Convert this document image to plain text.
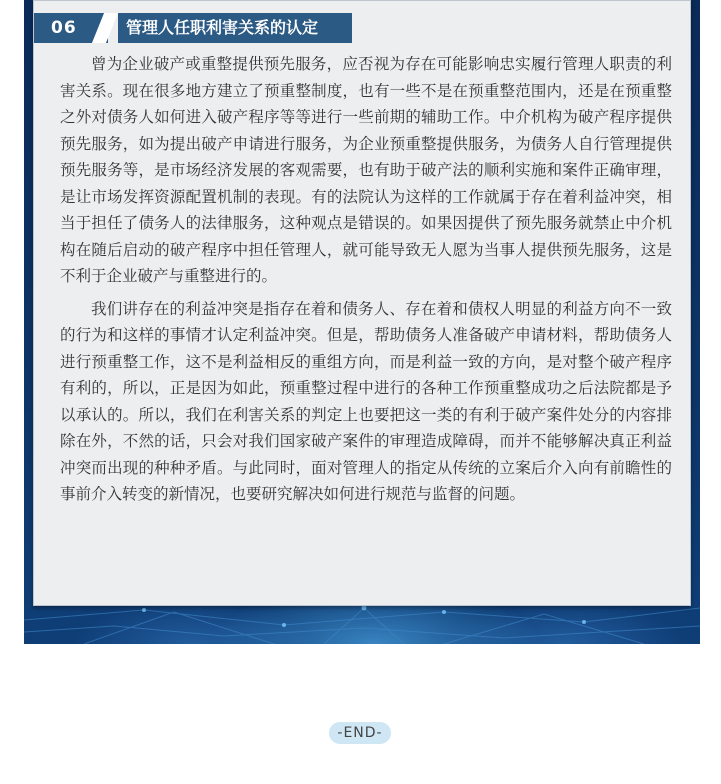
06	管理人任职利害关系的认定

曾为企业破产或重整提供预先服务，应否视为存在可能影响忠实履行管理人职责的利害关系。现在很多地方建立了预重整制度，也有一些不是在预重整范围内，还是在预重整之外对债务人如何进入破产程序等等进行一些前期的辅助工作。中介机构为破产程序提供预先服务，如为提出破产申请进行服务，为企业预重整提供服务，为债务人自行管理提供预先服务等，是市场经济发展的客观需要，也有助于破产法的顺利实施和案件正确审理，是让市场发挥资源配置机制的表现。有的法院认为这样的工作就属于存在着利益冲突，相当于担任了债务人的法律服务，这种观点是错误的。如果因提供了预先服务就禁止中介机构在随后启动的破产程序中担任管理人，就可能导致无人愿为当事人提供预先服务，这是不利于企业破产与重整进行的。

我们讲存在的利益冲突是指存在着和债务人、存在着和债权人明显的利益方向不一致的行为和这样的事情才认定利益冲突。但是，帮助债务人准备破产申请材料，帮助债务人进行预重整工作，这不是利益相反的重组方向，而是利益一致的方向，是对整个破产程序有利的，所以，正是因为如此，预重整过程中进行的各种工作预重整成功之后法院都是予以承认的。所以，我们在利害关系的判定上也要把这一类的有利于破产案件处分的内容排除在外，不然的话，只会对我们国家破产案件的审理造成障碍，而并不能够解决真正利益冲突而出现的种种矛盾。与此同时，面对管理人的指定从传统的立案后介入向有前瞻性的事前介入转变的新情况，也要研究解决如何进行规范与监督的问题。

-END-
